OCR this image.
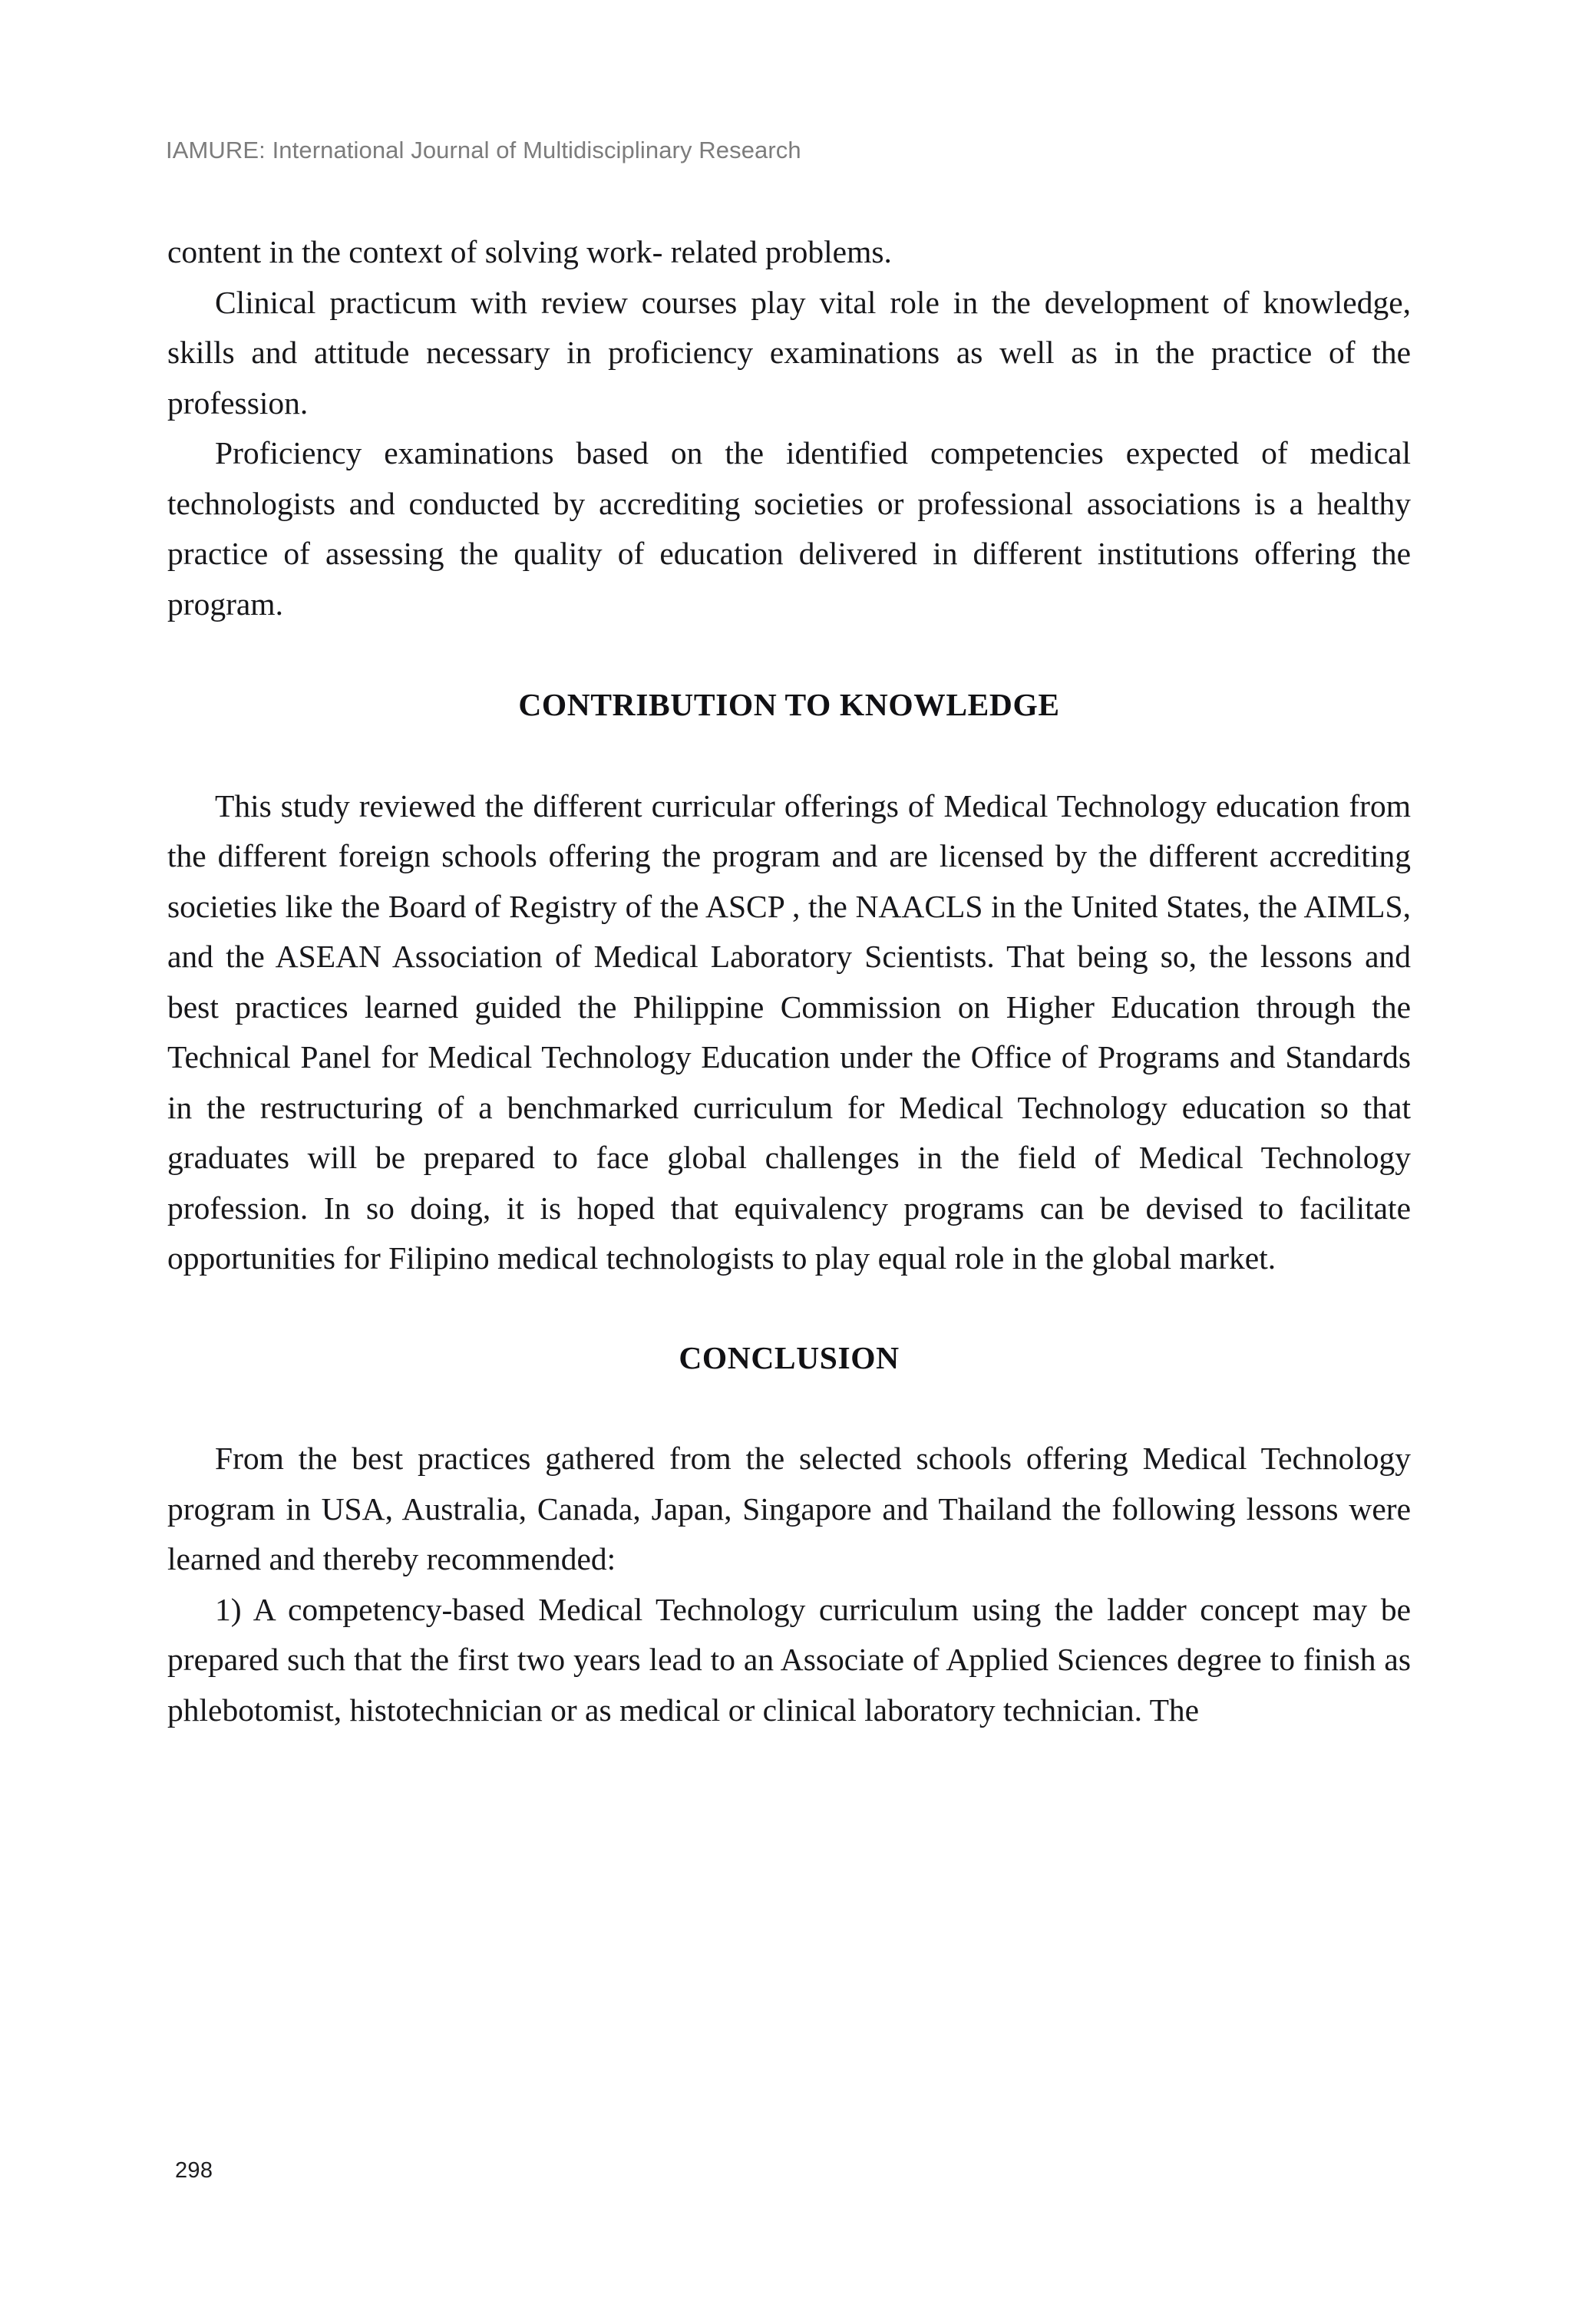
IAMURE: International Journal of Multidisciplinary Research

content in the context of solving work- related problems.

Clinical practicum with review courses play vital role in the development of knowledge, skills and attitude necessary in proficiency examinations as well as in the practice of the profession.

Proficiency examinations based on the identified competencies expected of medical technologists and conducted by accrediting societies or professional associations is a healthy practice of assessing the quality of education delivered in different institutions offering the program.

CONTRIBUTION TO KNOWLEDGE

This study reviewed the different curricular offerings of Medical Technology education from the different foreign schools offering the program and are licensed by the different accrediting societies like the Board of Registry of the ASCP , the NAACLS in the United States, the AIMLS, and the ASEAN Association of Medical Laboratory Scientists. That being so, the lessons and best practices learned guided the Philippine Commission on Higher Education through the Technical Panel for Medical Technology Education under the Office of Programs and Standards in the restructuring of a benchmarked curriculum for Medical Technology education so that graduates will be prepared to face global challenges in the field of Medical Technology profession. In so doing, it is hoped that equivalency programs can be devised to facilitate opportunities for Filipino medical technologists to play equal role in the global market.

CONCLUSION

From the best practices gathered from the selected schools offering Medical Technology program in USA, Australia, Canada, Japan, Singapore and Thailand the following lessons were learned and thereby recommended:

1) A competency-based Medical Technology curriculum using the ladder concept may be prepared such that the first two years lead to an Associate of Applied Sciences degree to finish as phlebotomist, histotechnician or as medical or clinical laboratory technician. The

298
